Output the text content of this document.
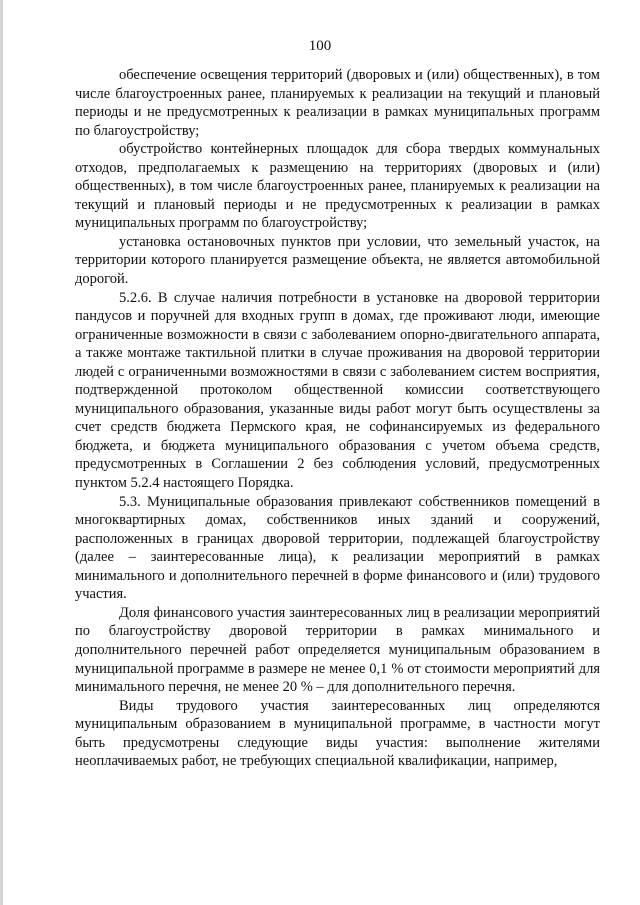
100

обеспечение освещения территорий (дворовых и (или) общественных), в том числе благоустроенных ранее, планируемых к реализации на текущий и плановый периоды и не предусмотренных к реализации в рамках муниципальных программ по благоустройству;

обустройство контейнерных площадок для сбора твердых коммунальных отходов, предполагаемых к размещению на территориях (дворовых и (или) общественных), в том числе благоустроенных ранее, планируемых к реализации на текущий и плановый периоды и не предусмотренных к реализации в рамках муниципальных программ по благоустройству;

установка остановочных пунктов при условии, что земельный участок, на территории которого планируется размещение объекта, не является автомобильной дорогой.

5.2.6. В случае наличия потребности в установке на дворовой территории пандусов и поручней для входных групп в домах, где проживают люди, имеющие ограниченные возможности в связи с заболеванием опорно-двигательного аппарата, а также монтаже тактильной плитки в случае проживания на дворовой территории людей с ограниченными возможностями в связи с заболеванием систем восприятия, подтвержденной протоколом общественной комиссии соответствующего муниципального образования, указанные виды работ могут быть осуществлены за счет средств бюджета Пермского края, не софинансируемых из федерального бюджета, и бюджета муниципального образования с учетом объема средств, предусмотренных в Соглашении 2 без соблюдения условий, предусмотренных пунктом 5.2.4 настоящего Порядка.

5.3. Муниципальные образования привлекают собственников помещений в многоквартирных домах, собственников иных зданий и сооружений, расположенных в границах дворовой территории, подлежащей благоустройству (далее – заинтересованные лица), к реализации мероприятий в рамках минимального и дополнительного перечней в форме финансового и (или) трудового участия.

Доля финансового участия заинтересованных лиц в реализации мероприятий по благоустройству дворовой территории в рамках минимального и дополнительного перечней работ определяется муниципальным образованием в муниципальной программе в размере не менее 0,1 % от стоимости мероприятий для минимального перечня, не менее 20 % – для дополнительного перечня.

Виды трудового участия заинтересованных лиц определяются муниципальным образованием в муниципальной программе, в частности могут быть предусмотрены следующие виды участия: выполнение жителями неоплачиваемых работ, не требующих специальной квалификации, например,
